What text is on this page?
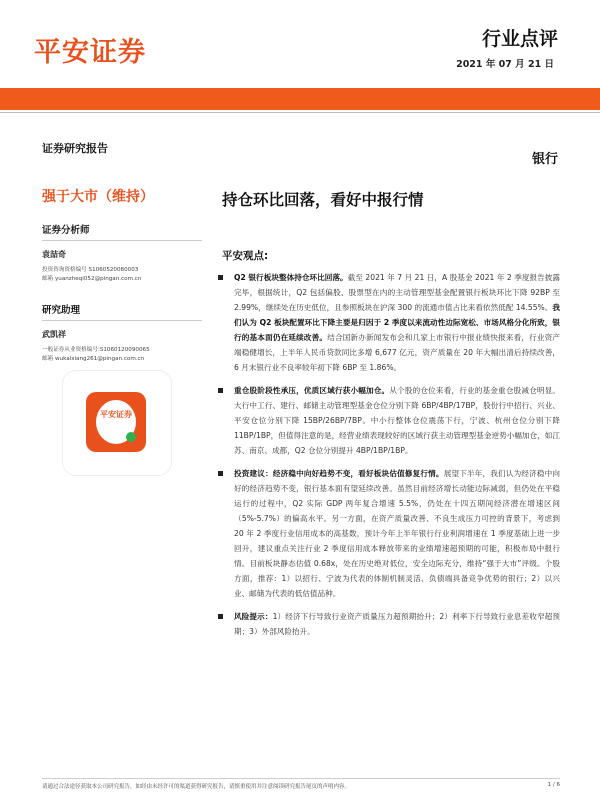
平安证券	行业点评
2021 年 07 月 21 日
证券研究报告
强于大市（维持）
证券分析师
袁喆奇
投资咨询资格编号 S1060520080003
邮箱 yuanzheqi052@pingan.com.cn
研究助理
武凯祥
一般证券从业资格编号:S1060120090065
邮箱 wukaixiang261@pingan.com.cn
平安证券
银行
持仓环比回落，看好中报行情
平安观点:
Q2 银行板块整体持仓环比回落。截至 2021 年 7 月 21 日，A 股基金 2021 年 2 季度报告披露完毕，根据统计，Q2 包括偏股、股票型在内的主动管理型基金配置银行板块环比下降 92BP 至 2.99%，继续处在历史低位，且参照板块在沪深 300 的流通市值占比来看依然低配 14.55%。我们认为 Q2 板块配置环比下降主要是归因于 2 季度以来流动性边际宽松、市场风格分化所致，银行的基本面仍在延续改善。结合国新办新闻发布会和几家上市银行中报业绩快报来看，行业资产端稳健增长，上半年人民币贷款同比多增 6,677 亿元，资产质量在 20 年大幅出清后持续改善，6 月末银行业不良率较年初下降 6BP 至 1.86%。
重仓股阶段性承压，优质区域行获小幅加仓。从个股的仓位来看，行业的基金重仓股减仓明显。大行中工行、建行、邮储主动管理型基金仓位分别下降 6BP/4BP/17BP，股份行中招行、兴业、平安仓位分别下降 15BP/26BP/7BP。中小行整体仓位震荡下行，宁波、杭州仓位分别下降 11BP/1BP，但值得注意的是，经营业绩表现较好的区域行获主动管理型基金逆势小幅加仓，如江苏、南京、成都，Q2 仓位分别提升 4BP/1BP/1BP。
投资建议：经济稳中向好趋势不变，看好板块估值修复行情。展望下半年，我们认为经济稳中向好的经济趋势不变，银行基本面有望延续改善。虽然目前经济增长动能边际减弱，但仍处在平稳运行的过程中，Q2 实际 GDP 两年复合增速 5.5%，仍处在十四五期间经济潜在增速区间（5%-5.7%）的偏高水平。另一方面，在资产质量改善、不良生成压力可控的背景下，考虑到 20 年 2 季度行业信用成本的高基数，预计今年上半年银行行业利润增速在 1 季度基础上进一步回升，建议重点关注行业 2 季度信用成本释放带来的业绩增速超预期的可能，积极布局中报行情。目前板块静态估值 0.68x，处在历史绝对低位，安全边际充分，维持“强于大市”评级。个股方面，推荐：1）以招行、宁波为代表的体制机制灵活、负债端具备竞争优势的银行；2）以兴业、邮储为代表的低估值品种。
风险提示：1）经济下行导致行业资产质量压力超预期抬升；2）利率下行导致行业息差收窄超预期；3）外部风险抬升。
请通过合法途径获取本公司研究报告，如经由未经许可的渠道获得研究报告，请慎重使用并注意阅读研究报告尾页的声明内容。	1 / 6
